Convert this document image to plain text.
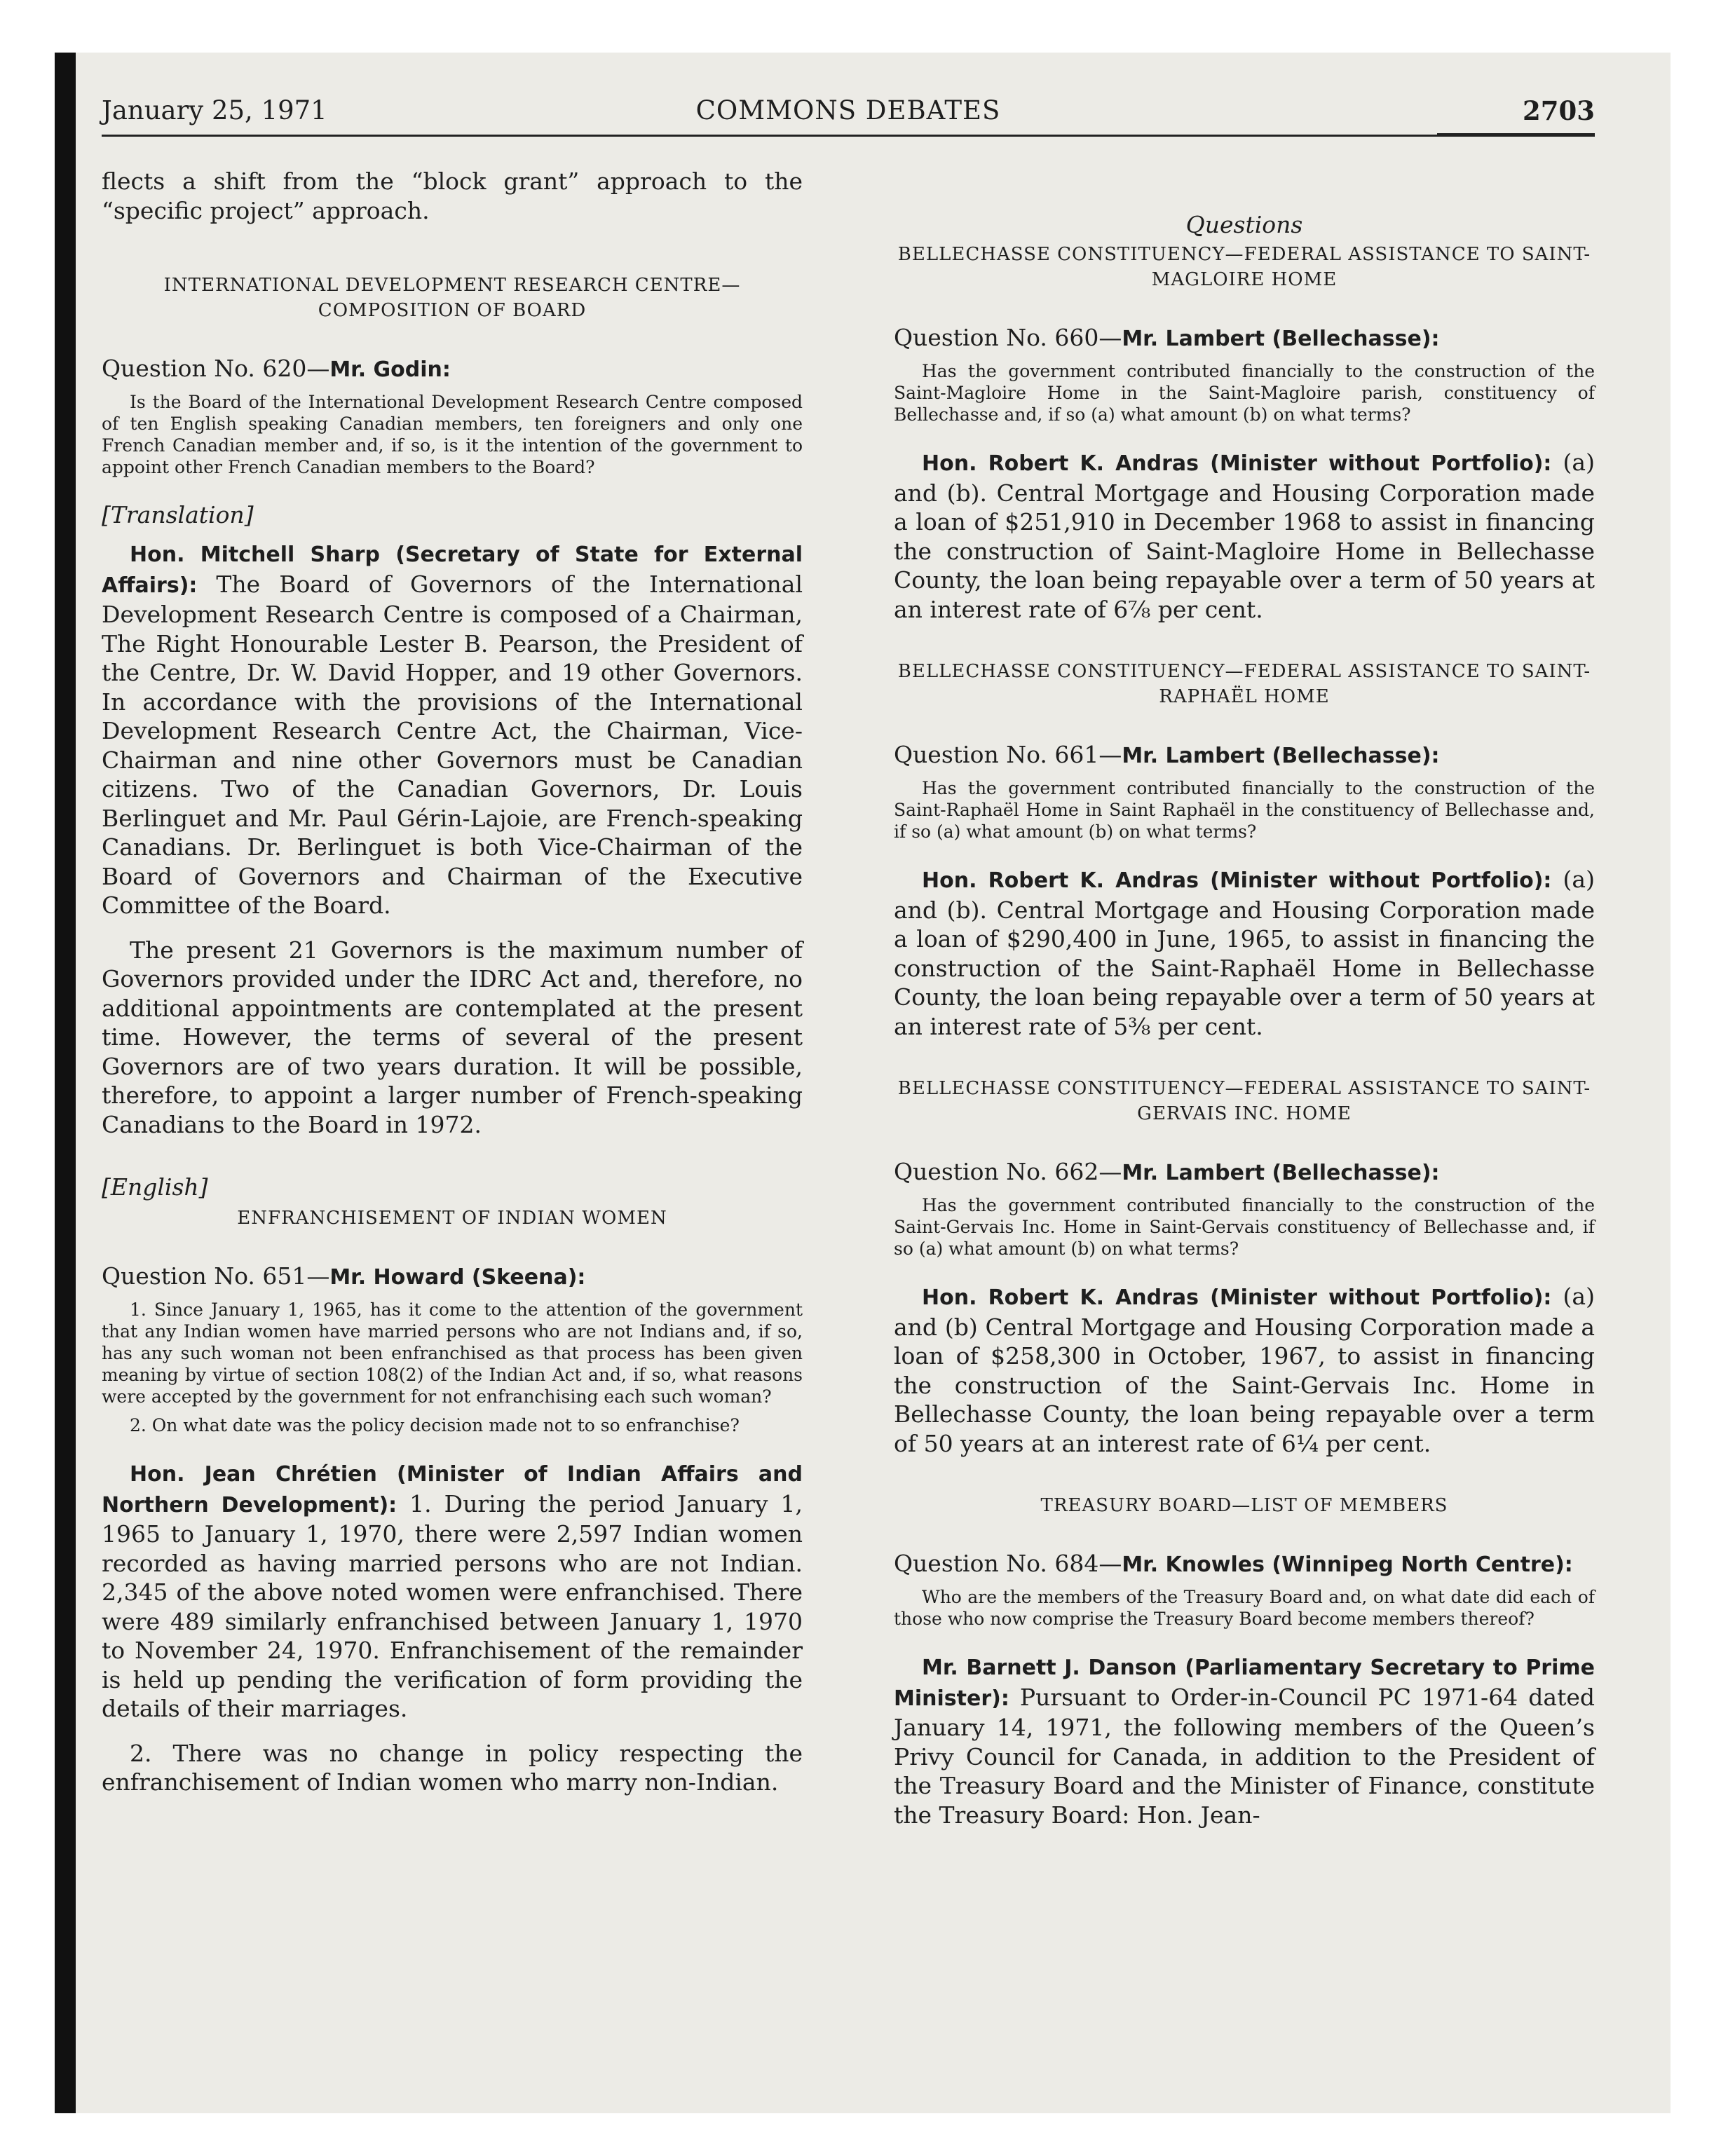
COMMONS DEBATES
January 25, 1971	2703

flects a shift from the “block grant” approach to the “specific project” approach.

INTERNATIONAL DEVELOPMENT RESEARCH CENTRE—COMPOSITION OF BOARD
Question No. 620—Mr. Godin:

Is the Board of the International Development Research Centre composed of ten English speaking Canadian members, ten foreigners and only one French Canadian member and, if so, is it the intention of the government to appoint other French Canadian members to the Board?

[Translation]

Hon. Mitchell Sharp (Secretary of State for External Affairs): The Board of Governors of the International Development Research Centre is composed of a Chairman, The Right Honourable Lester B. Pearson, the President of the Centre, Dr. W. David Hopper, and 19 other Governors. In accordance with the provisions of the International Development Research Centre Act, the Chairman, Vice-Chairman and nine other Governors must be Canadian citizens. Two of the Canadian Governors, Dr. Louis Berlinguet and Mr. Paul Gérin-Lajoie, are French-speaking Canadians. Dr. Berlinguet is both Vice-Chairman of the Board of Governors and Chairman of the Executive Committee of the Board.

The present 21 Governors is the maximum number of Governors provided under the IDRC Act and, therefore, no additional appointments are contemplated at the present time. However, the terms of several of the present Governors are of two years duration. It will be possible, therefore, to appoint a larger number of French-speaking Canadians to the Board in 1972.

[English]
ENFRANCHISEMENT OF INDIAN WOMEN
Question No. 651—Mr. Howard (Skeena):

1. Since January 1, 1965, has it come to the attention of the government that any Indian women have married persons who are not Indians and, if so, has any such woman not been enfranchised as that process has been given meaning by virtue of section 108(2) of the Indian Act and, if so, what reasons were accepted by the government for not enfranchising each such woman?

2. On what date was the policy decision made not to so enfranchise?

Hon. Jean Chrétien (Minister of Indian Affairs and Northern Development): 1. During the period January 1, 1965 to January 1, 1970, there were 2,597 Indian women recorded as having married persons who are not Indian. 2,345 of the above noted women were enfranchised. There were 489 similarly enfranchised between January 1, 1970 to November 24, 1970. Enfranchisement of the remainder is held up pending the verification of form providing the details of their marriages.

2. There was no change in policy respecting the enfranchisement of Indian women who marry non-Indian.

Questions
BELLECHASSE CONSTITUENCY—FEDERAL ASSISTANCE TO SAINT-MAGLOIRE HOME
Question No. 660—Mr. Lambert (Bellechasse):

Has the government contributed financially to the construction of the Saint-Magloire Home in the Saint-Magloire parish, constituency of Bellechasse and, if so (a) what amount (b) on what terms?

Hon. Robert K. Andras (Minister without Portfolio): (a) and (b). Central Mortgage and Housing Corporation made a loan of $251,910 in December 1968 to assist in financing the construction of Saint-Magloire Home in Bellechasse County, the loan being repayable over a term of 50 years at an interest rate of 6⅞ per cent.

BELLECHASSE CONSTITUENCY—FEDERAL ASSISTANCE TO SAINT-RAPHAËL HOME
Question No. 661—Mr. Lambert (Bellechasse):

Has the government contributed financially to the construction of the Saint-Raphaël Home in Saint Raphaël in the constituency of Bellechasse and, if so (a) what amount (b) on what terms?

Hon. Robert K. Andras (Minister without Portfolio): (a) and (b). Central Mortgage and Housing Corporation made a loan of $290,400 in June, 1965, to assist in financing the construction of the Saint-Raphaël Home in Bellechasse County, the loan being repayable over a term of 50 years at an interest rate of 5⅜ per cent.

BELLECHASSE CONSTITUENCY—FEDERAL ASSISTANCE TO SAINT-GERVAIS INC. HOME
Question No. 662—Mr. Lambert (Bellechasse):

Has the government contributed financially to the construction of the Saint-Gervais Inc. Home in Saint-Gervais constituency of Bellechasse and, if so (a) what amount (b) on what terms?

Hon. Robert K. Andras (Minister without Portfolio): (a) and (b) Central Mortgage and Housing Corporation made a loan of $258,300 in October, 1967, to assist in financing the construction of the Saint-Gervais Inc. Home in Bellechasse County, the loan being repayable over a term of 50 years at an interest rate of 6¼ per cent.

TREASURY BOARD—LIST OF MEMBERS
Question No. 684—Mr. Knowles (Winnipeg North Centre):

Who are the members of the Treasury Board and, on what date did each of those who now comprise the Treasury Board become members thereof?

Mr. Barnett J. Danson (Parliamentary Secretary to Prime Minister): Pursuant to Order-in-Council PC 1971-64 dated January 14, 1971, the following members of the Queen’s Privy Council for Canada, in addition to the President of the Treasury Board and the Minister of Finance, constitute the Treasury Board: Hon. Jean-
